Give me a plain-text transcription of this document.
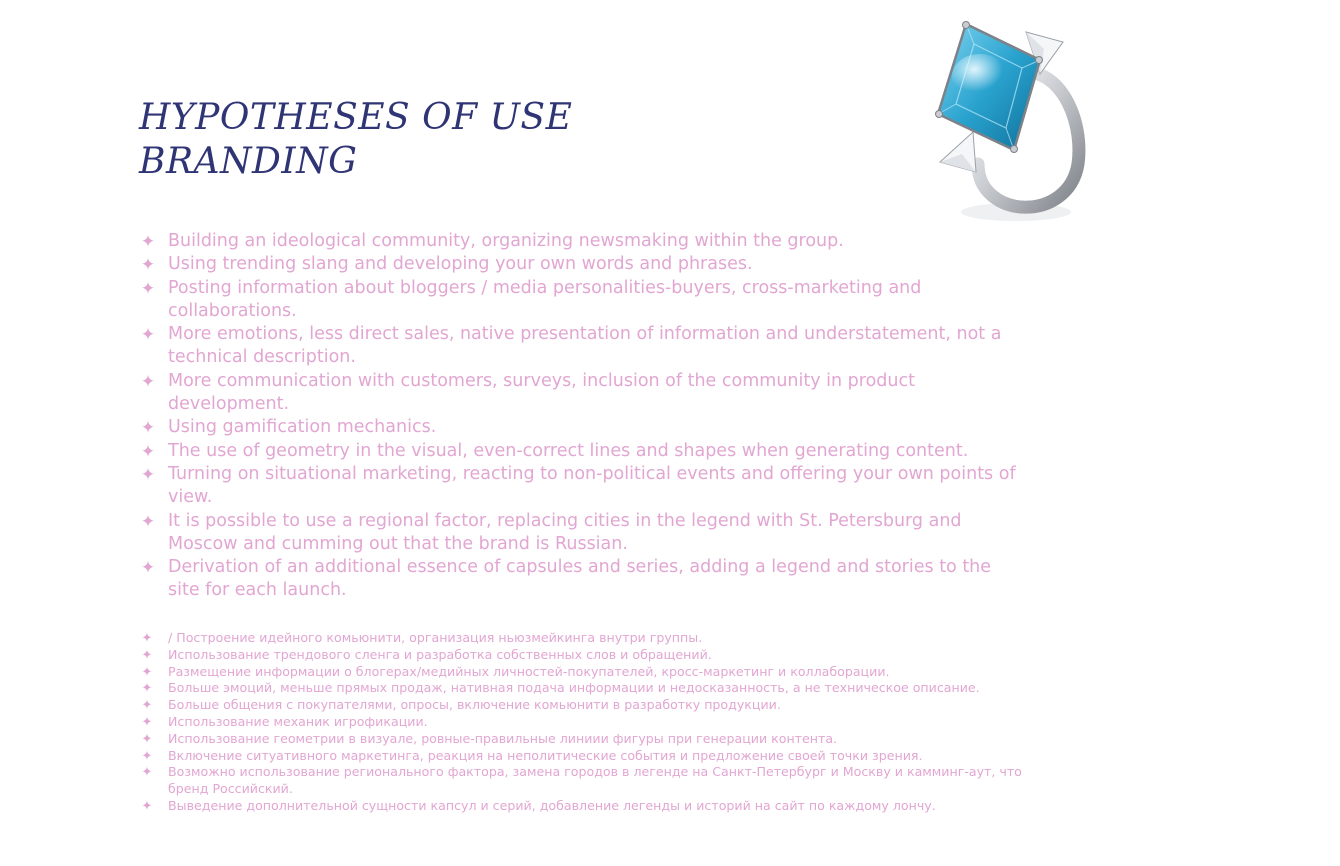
HYPOTHESES OF USE
BRANDING
✦ Building an ideological community, organizing newsmaking within the group.
✦ Using trending slang and developing your own words and phrases.
✦ Posting information about bloggers / media personalities-buyers, cross-marketing and collaborations.
✦ More emotions, less direct sales, native presentation of information and understatement, not a technical description.
✦ More communication with customers, surveys, inclusion of the community in product development.
✦ Using gamification mechanics.
✦ The use of geometry in the visual, even-correct lines and shapes when generating content.
✦ Turning on situational marketing, reacting to non-political events and offering your own points of view.
✦ It is possible to use a regional factor, replacing cities in the legend with St. Petersburg and Moscow and cumming out that the brand is Russian.
✦ Derivation of an additional essence of capsules and series, adding a legend and stories to the site for each launch.
✦ / Построение идейного комьюнити, организация ньюзмейкинга внутри группы.
✦ Использование трендового сленга и разработка собственных слов и обращений.
✦ Размещение информации о блогерах/медийных личностей-покупателей, кросс-маркетинг и коллаборации.
✦ Больше эмоций, меньше прямых продаж, нативная подача информации и недосказанность, а не техническое описание.
✦ Больше общения с покупателями, опросы, включение комьюнити в разработку продукции.
✦ Использование механик игрофикации.
✦ Использование геометрии в визуале, ровные-правильные линиии фигуры при генерации контента.
✦ Включение ситуативного маркетинга, реакция на неполитические события и предложение своей точки зрения.
✦ Возможно использование регионального фактора, замена городов в легенде на Санкт-Петербург и Москву и камминг-аут, что бренд Российский.
✦ Выведение дополнительной сущности капсул и серий, добавление легенды и историй на сайт по каждому лончу.
